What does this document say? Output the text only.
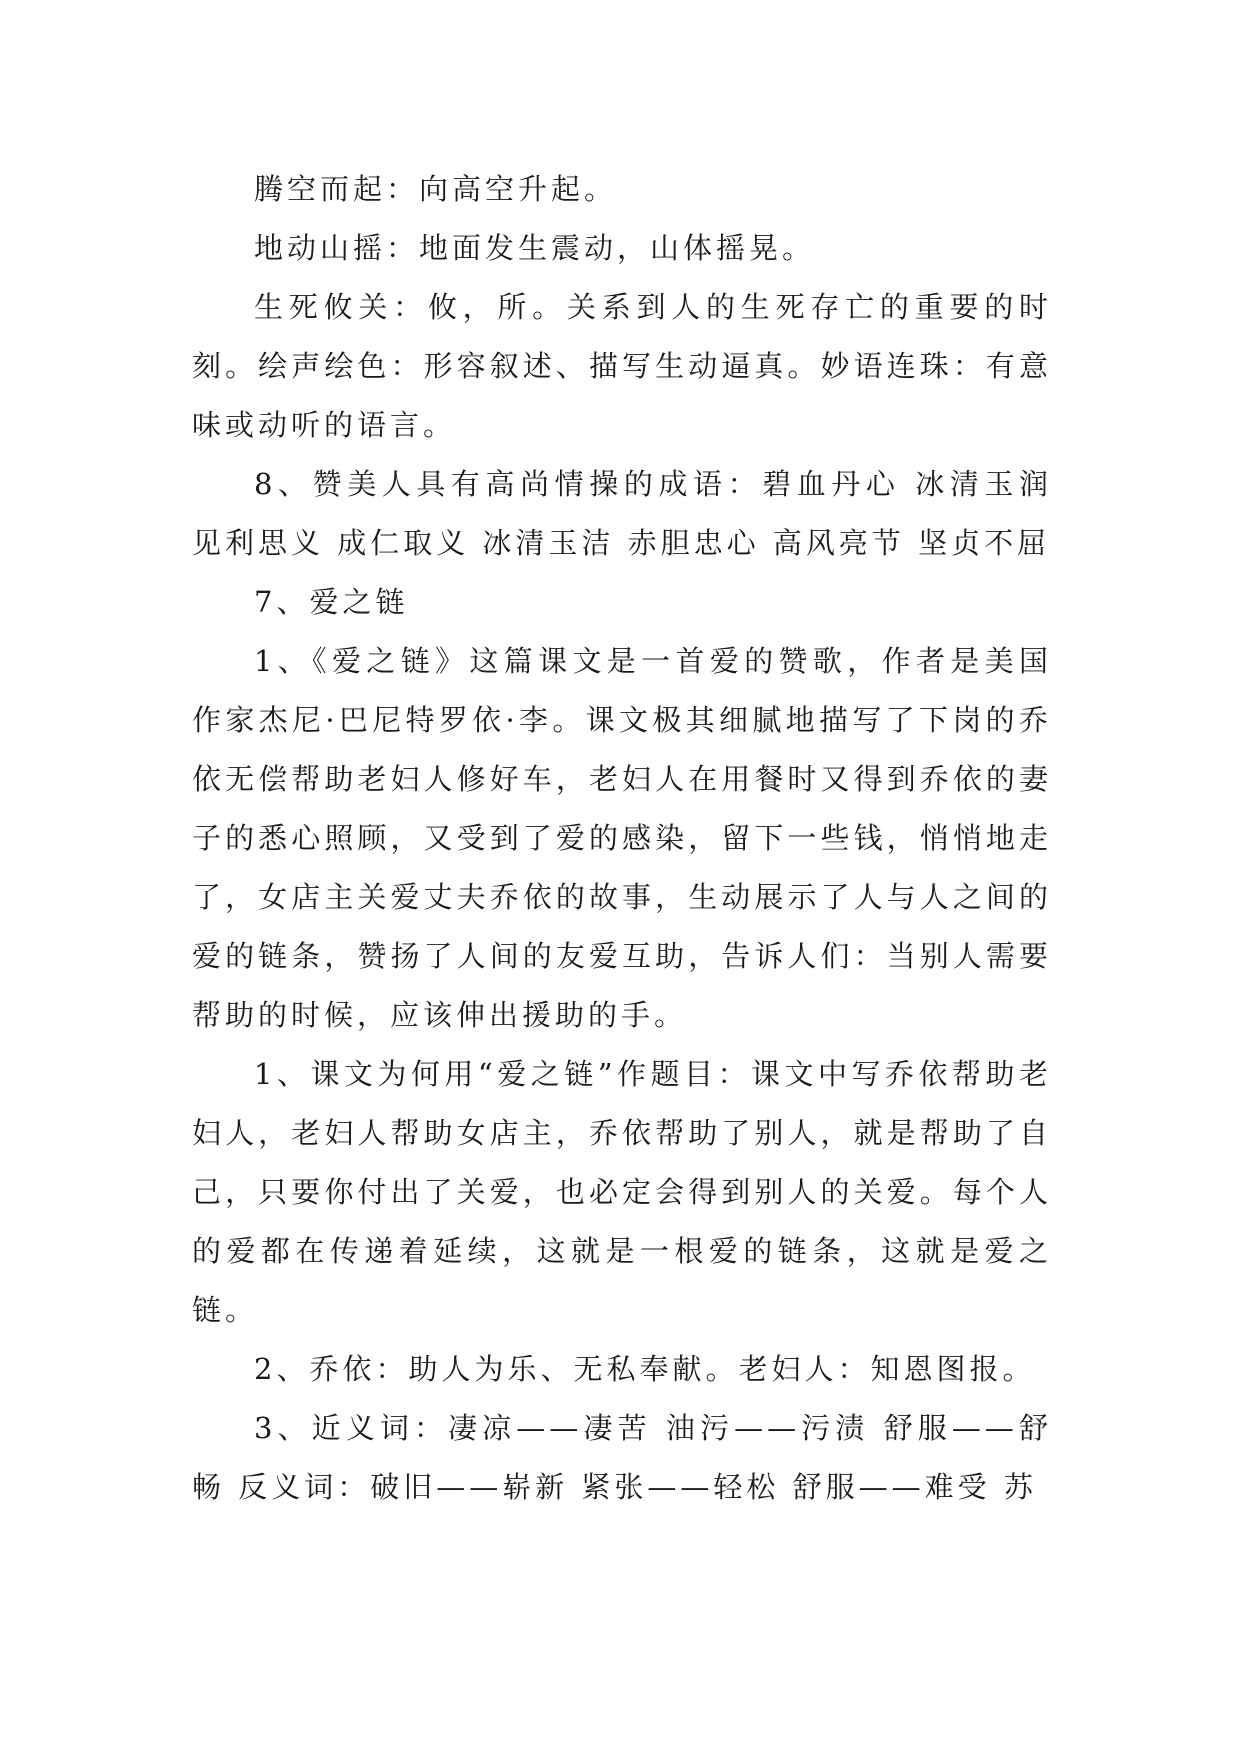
腾空而起：向高空升起。

地动山摇：地面发生震动，山体摇晃。

生死攸关：攸，所。关系到人的生死存亡的重要的时刻。绘声绘色：形容叙述、描写生动逼真。妙语连珠：有意味或动听的语言。

8、赞美人具有高尚情操的成语：碧血丹心 冰清玉润 见利思义 成仁取义 冰清玉洁 赤胆忠心 高风亮节 坚贞不屈

7、爱之链

1、《爱之链》这篇课文是一首爱的赞歌，作者是美国作家杰尼·巴尼特罗依·李。课文极其细腻地描写了下岗的乔依无偿帮助老妇人修好车，老妇人在用餐时又得到乔依的妻子的悉心照顾，又受到了爱的感染，留下一些钱，悄悄地走了，女店主关爱丈夫乔依的故事，生动展示了人与人之间的爱的链条，赞扬了人间的友爱互助，告诉人们：当别人需要帮助的时候，应该伸出援助的手。

1、课文为何用“爱之链”作题目：课文中写乔依帮助老妇人，老妇人帮助女店主，乔依帮助了别人，就是帮助了自己，只要你付出了关爱，也必定会得到别人的关爱。每个人的爱都在传递着延续，这就是一根爱的链条，这就是爱之链。

2、乔依：助人为乐、无私奉献。老妇人：知恩图报。

3、近义词：凄凉——凄苦 油污——污渍 舒服——舒畅 反义词：破旧——崭新 紧张——轻松 舒服——难受 苏
